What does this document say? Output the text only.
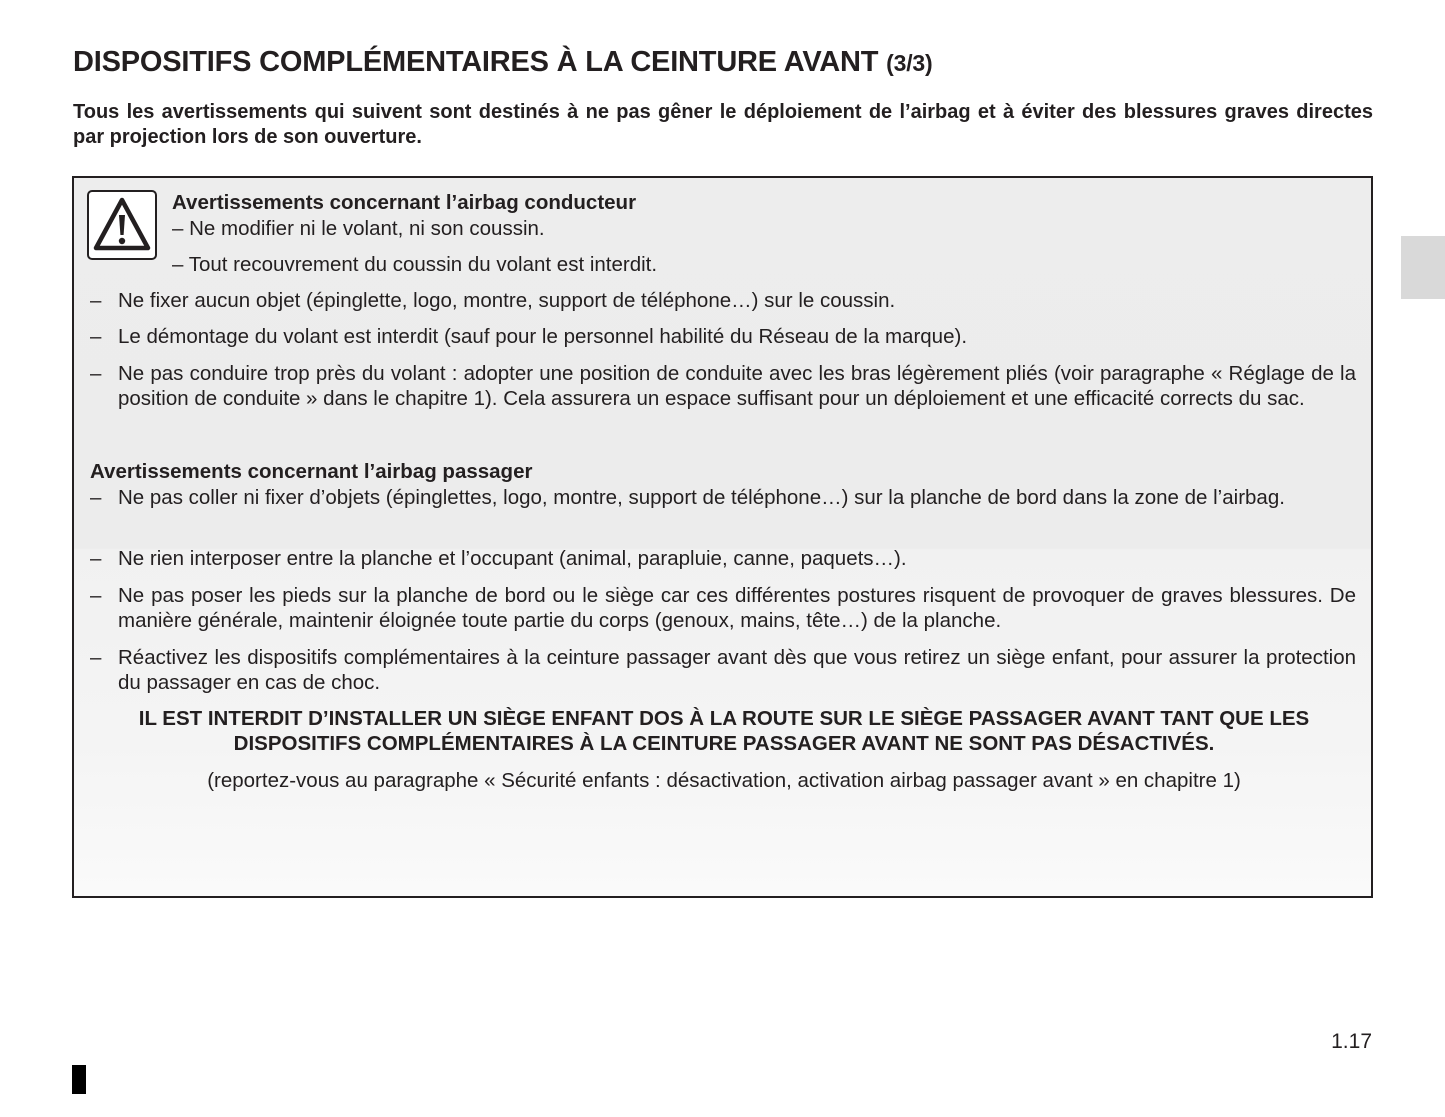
DISPOSITIFS COMPLÉMENTAIRES À LA CEINTURE AVANT (3/3)
Tous les avertissements qui suivent sont destinés à ne pas gêner le déploiement de l’airbag et à éviter des blessures graves directes par projection lors de son ouverture.
Avertissements concernant l’airbag conducteur
– Ne modifier ni le volant, ni son coussin.
– Tout recouvrement du coussin du volant est interdit.
– Ne fixer aucun objet (épinglette, logo, montre, support de téléphone…) sur le coussin.
– Le démontage du volant est interdit (sauf pour le personnel habilité du Réseau de la marque).
– Ne pas conduire trop près du volant : adopter une position de conduite avec les bras légèrement pliés (voir paragraphe « Réglage de la position de conduite » dans le chapitre 1). Cela assurera un espace suffisant pour un déploiement et une efficacité corrects du sac.
Avertissements concernant l’airbag passager
– Ne pas coller ni fixer d’objets (épinglettes, logo, montre, support de téléphone…) sur la planche de bord dans la zone de l’airbag.
– Ne rien interposer entre la planche et l’occupant (animal, parapluie, canne, paquets…).
– Ne pas poser les pieds sur la planche de bord ou le siège car ces différentes postures risquent de provoquer de graves blessures. De manière générale, maintenir éloignée toute partie du corps (genoux, mains, tête…) de la planche.
– Réactivez les dispositifs complémentaires à la ceinture passager avant dès que vous retirez un siège enfant, pour assurer la protection du passager en cas de choc.
IL EST INTERDIT D’INSTALLER UN SIÈGE ENFANT DOS À LA ROUTE SUR LE SIÈGE PASSAGER AVANT TANT QUE LES DISPOSITIFS COMPLÉMENTAIRES À LA CEINTURE PASSAGER AVANT NE SONT PAS DÉSACTIVÉS.
(reportez-vous au paragraphe « Sécurité enfants : désactivation, activation airbag passager avant » en chapitre 1)
1.17
